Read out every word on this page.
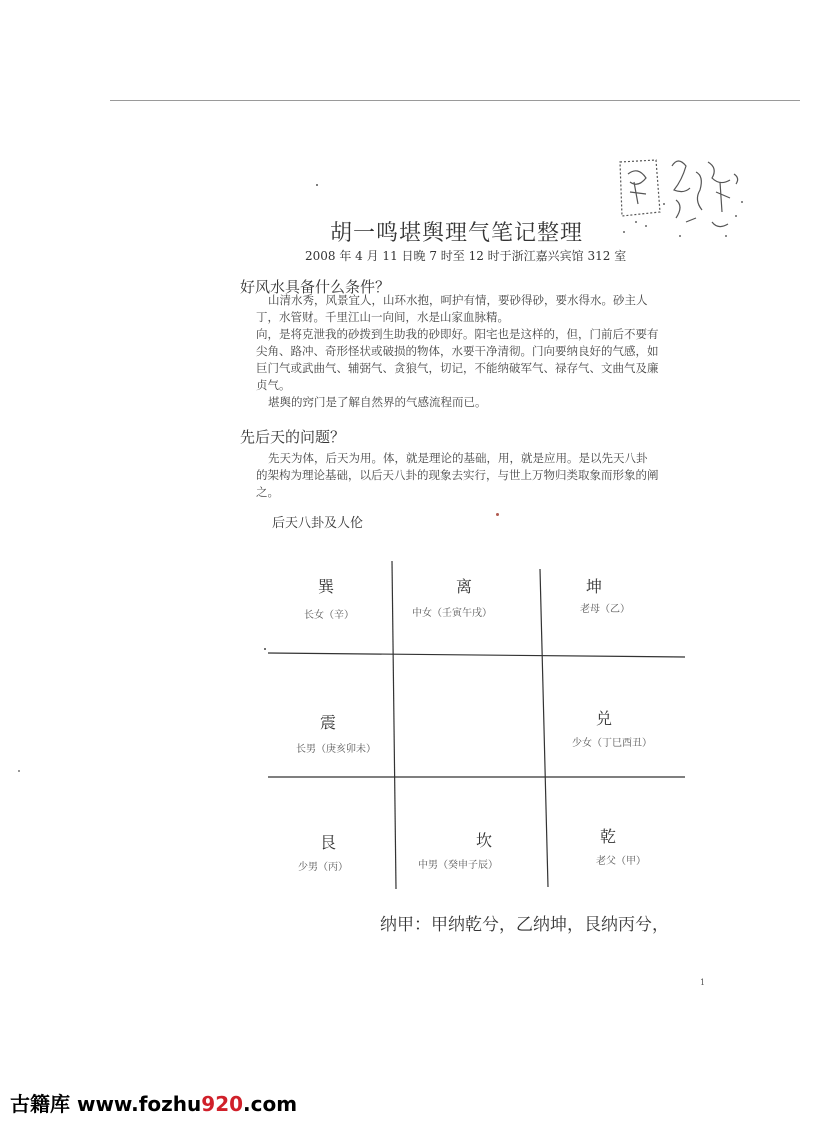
胡一鸣堪舆理气笔记整理
2008 年 4 月 11 日晚 7 时至 12 时于浙江嘉兴宾馆 312 室
好风水具备什么条件？

山清水秀，风景宜人，山环水抱，呵护有情，要砂得砂，要水得水。砂主人

丁，水管财。千里江山一向间，水是山家血脉精。

向，是将克泄我的砂拨到生助我的砂即好。阳宅也是这样的，但，门前后不要有

尖角、路冲、奇形怪状或破损的物体，水要干净清彻。门向要纳良好的气感，如

巨门气或武曲气、辅弼气、贪狼气，切记，不能纳破军气、禄存气、文曲气及廉

贞气。

堪舆的窍门是了解自然界的气感流程而已。

先后天的问题？

先天为体，后天为用。体，就是理论的基础，用，就是应用。是以先天八卦

的架构为理论基础，以后天八卦的现象去实行，与世上万物归类取象而形象的阐

之。

后天八卦及人伦
巽
长女（辛）
离
中女（壬寅午戌）
坤
老母（乙）
震
长男（庚亥卯未）
兑
少女（丁巳酉丑）
艮
少男（丙）
坎
中男（癸申子辰）
乾
老父（甲）
纳甲：甲纳乾兮，乙纳坤，艮纳丙兮，
1
古籍库 www.fozhu920.com
